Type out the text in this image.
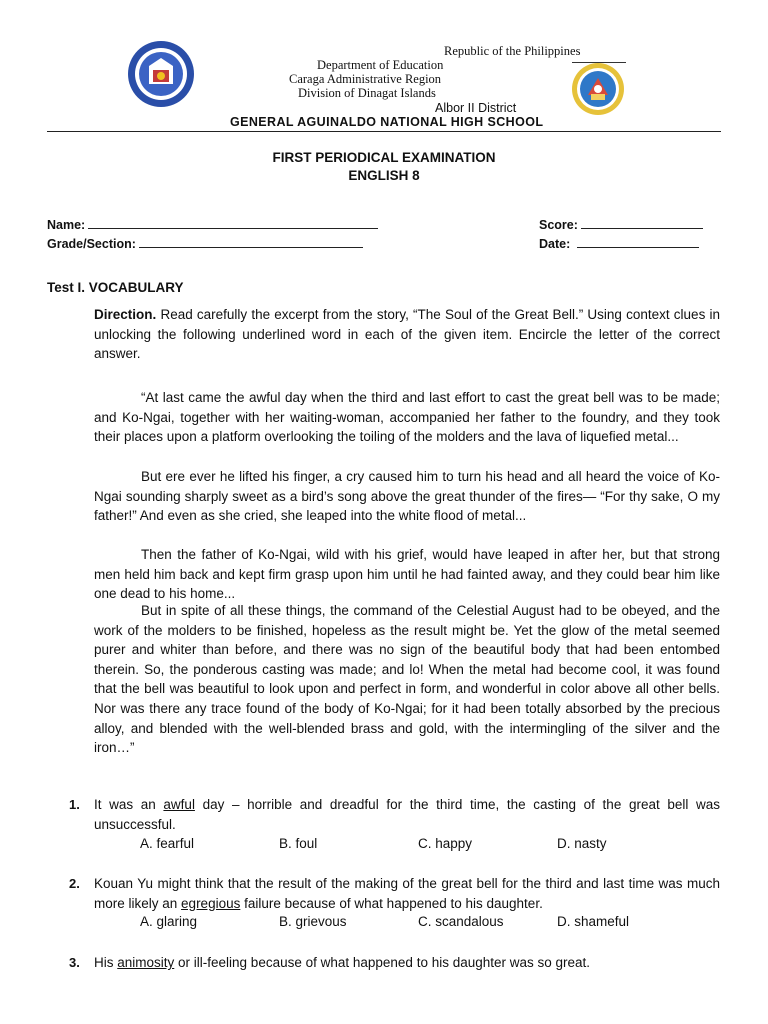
Republic of the Philippines
Department of Education
Caraga Administrative Region
Division of Dinagat Islands
Albor II District
GENERAL AGUINALDO NATIONAL HIGH SCHOOL
FIRST PERIODICAL EXAMINATION
ENGLISH 8
Name:
Grade/Section:
Score:
Date:
Test I. VOCABULARY
Direction. Read carefully the excerpt from the story, “The Soul of the Great Bell.” Using context clues in unlocking the following underlined word in each of the given item. Encircle the letter of the correct answer.
“At last came the awful day when the third and last effort to cast the great bell was to be made; and Ko-Ngai, together with her waiting-woman, accompanied her father to the foundry, and they took their places upon a platform overlooking the toiling of the molders and the lava of liquefied metal...
But ere ever he lifted his finger, a cry caused him to turn his head and all heard the voice of Ko-Ngai sounding sharply sweet as a bird’s song above the great thunder of the fires— “For thy sake, O my father!” And even as she cried, she leaped into the white flood of metal...
Then the father of Ko-Ngai, wild with his grief, would have leaped in after her, but that strong men held him back and kept firm grasp upon him until he had fainted away, and they could bear him like one dead to his home...
But in spite of all these things, the command of the Celestial August had to be obeyed, and the work of the molders to be finished, hopeless as the result might be. Yet the glow of the metal seemed purer and whiter than before, and there was no sign of the beautiful body that had been entombed therein. So, the ponderous casting was made; and lo! When the metal had become cool, it was found that the bell was beautiful to look upon and perfect in form, and wonderful in color above all other bells. Nor was there any trace found of the body of Ko-Ngai; for it had been totally absorbed by the precious alloy, and blended with the well-blended brass and gold, with the intermingling of the silver and the iron…”
1. It was an awful day – horrible and dreadful for the third time, the casting of the great bell was unsuccessful.
A. fearful	B. foul	C. happy	D. nasty
2. Kouan Yu might think that the result of the making of the great bell for the third and last time was much more likely an egregious failure because of what happened to his daughter.
A. glaring	B. grievous	C. scandalous	D. shameful
3. His animosity or ill-feeling because of what happened to his daughter was so great.
